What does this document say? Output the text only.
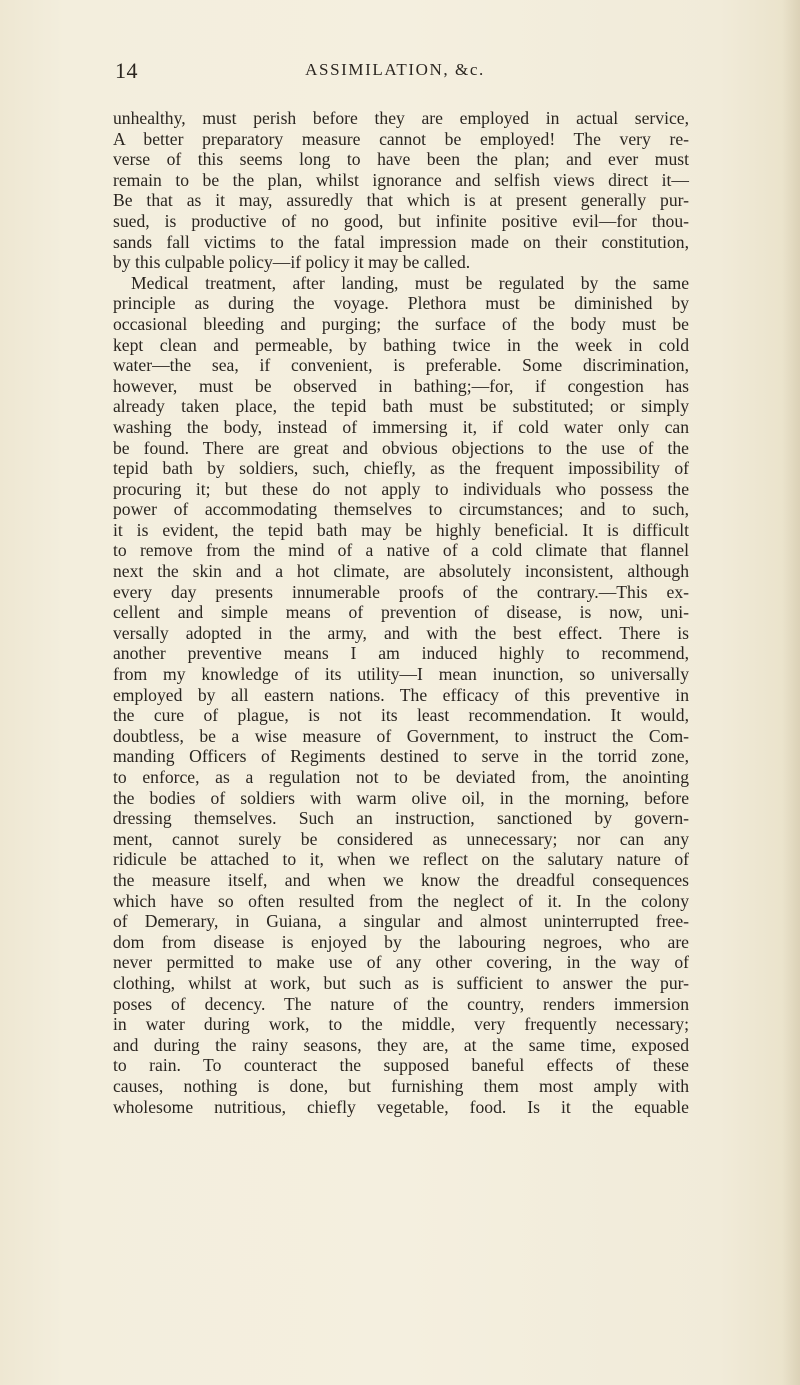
14	ASSIMILATION, &c.
unhealthy, must perish before they are employed in actual service,
A better preparatory measure cannot be employed! The very re-
verse of this seems long to have been the plan; and ever must
remain to be the plan, whilst ignorance and selfish views direct it—
Be that as it may, assuredly that which is at present generally pur-
sued, is productive of no good, but infinite positive evil—for thou-
sands fall victims to the fatal impression made on their constitution,
by this culpable policy—if policy it may be called.
Medical treatment, after landing, must be regulated by the same
principle as during the voyage. Plethora must be diminished by
occasional bleeding and purging; the surface of the body must be
kept clean and permeable, by bathing twice in the week in cold
water—the sea, if convenient, is preferable. Some discrimination,
however, must be observed in bathing;—for, if congestion has
already taken place, the tepid bath must be substituted; or simply
washing the body, instead of immersing it, if cold water only can
be found. There are great and obvious objections to the use of the
tepid bath by soldiers, such, chiefly, as the frequent impossibility of
procuring it; but these do not apply to individuals who possess the
power of accommodating themselves to circumstances; and to such,
it is evident, the tepid bath may be highly beneficial. It is difficult
to remove from the mind of a native of a cold climate that flannel
next the skin and a hot climate, are absolutely inconsistent, although
every day presents innumerable proofs of the contrary.—This ex-
cellent and simple means of prevention of disease, is now, uni-
versally adopted in the army, and with the best effect. There is
another preventive means I am induced highly to recommend,
from my knowledge of its utility—I mean inunction, so universally
employed by all eastern nations. The efficacy of this preventive in
the cure of plague, is not its least recommendation. It would,
doubtless, be a wise measure of Government, to instruct the Com-
manding Officers of Regiments destined to serve in the torrid zone,
to enforce, as a regulation not to be deviated from, the anointing
the bodies of soldiers with warm olive oil, in the morning, before
dressing themselves. Such an instruction, sanctioned by govern-
ment, cannot surely be considered as unnecessary; nor can any
ridicule be attached to it, when we reflect on the salutary nature of
the measure itself, and when we know the dreadful consequences
which have so often resulted from the neglect of it. In the colony
of Demerary, in Guiana, a singular and almost uninterrupted free-
dom from disease is enjoyed by the labouring negroes, who are
never permitted to make use of any other covering, in the way of
clothing, whilst at work, but such as is sufficient to answer the pur-
poses of decency. The nature of the country, renders immersion
in water during work, to the middle, very frequently necessary;
and during the rainy seasons, they are, at the same time, exposed
to rain. To counteract the supposed baneful effects of these
causes, nothing is done, but furnishing them most amply with
wholesome nutritious, chiefly vegetable, food. Is it the equable
